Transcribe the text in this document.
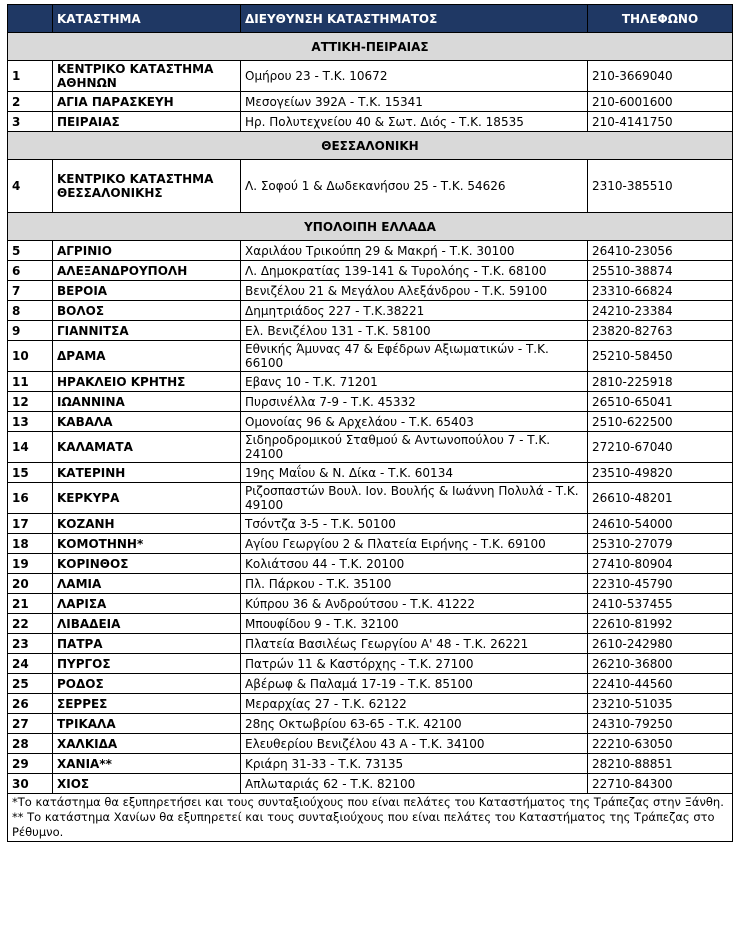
	ΚΑΤΑΣΤΗΜΑ	ΔΙΕΥΘΥΝΣΗ ΚΑΤΑΣΤΗΜΑΤΟΣ	ΤΗΛΕΦΩΝΟ
ΑΤΤΙΚΗ-ΠΕΙΡΑΙΑΣ			
1	ΚΕΝΤΡΙΚΟ ΚΑΤΑΣΤΗΜΑ ΑΘΗΝΩΝ	Ομήρου 23 - Τ.Κ. 10672	210-3669040
2	ΑΓΙΑ ΠΑΡΑΣΚΕΥΗ	Μεσογείων 392Α - Τ.Κ. 15341	210-6001600
3	ΠΕΙΡΑΙΑΣ	Ηρ. Πολυτεχνείου 40 & Σωτ. Διός - Τ.Κ. 18535	210-4141750
ΘΕΣΣΑΛΟΝΙΚΗ			
4	ΚΕΝΤΡΙΚΟ ΚΑΤΑΣΤΗΜΑ ΘΕΣΣΑΛΟΝΙΚΗΣ	Λ. Σοφού 1 & Δωδεκανήσου 25 - Τ.Κ. 54626	2310-385510
ΥΠΟΛΟΙΠΗ ΕΛΛΑΔΑ			
5	ΑΓΡΙΝΙΟ	Χαριλάου Τρικούπη 29 & Μακρή - Τ.Κ. 30100	26410-23056
6	ΑΛΕΞΑΝΔΡΟΥΠΟΛΗ	Λ. Δημοκρατίας 139-141 & Τυρολόης - Τ.Κ. 68100	25510-38874
7	ΒΕΡΟΙΑ	Βενιζέλου 21 & Μεγάλου Αλεξάνδρου - Τ.Κ. 59100	23310-66824
8	ΒΟΛΟΣ	Δημητριάδος 227 - Τ.Κ.38221	24210-23384
9	ΓΙΑΝΝΙΤΣΑ	Ελ. Βενιζέλου 131 - Τ.Κ. 58100	23820-82763
10	ΔΡΑΜΑ	Εθνικής Άμυνας 47 & Εφέδρων Αξιωματικών - Τ.Κ. 66100	25210-58450
11	ΗΡΑΚΛΕΙΟ ΚΡΗΤΗΣ	Εβανς 10 - Τ.Κ. 71201	2810-225918
12	ΙΩΑΝΝΙΝΑ	Πυρσινέλλα 7-9 - Τ.Κ. 45332	26510-65041
13	ΚΑΒΑΛΑ	Ομονοίας 96 & Αρχελάου - Τ.Κ. 65403	2510-622500
14	ΚΑΛΑΜΑΤΑ	Σιδηροδρομικού Σταθμού & Αντωνοπούλου 7 - Τ.Κ. 24100	27210-67040
15	ΚΑΤΕΡΙΝΗ	19ης Μαΐου & Ν. Δίκα - Τ.Κ. 60134	23510-49820
16	ΚΕΡΚΥΡΑ	Ριζοσπαστών Βουλ. Ιον. Βουλής & Ιωάννη Πολυλά - Τ.Κ. 49100	26610-48201
17	ΚΟΖΑΝΗ	Τσόντζα 3-5 - Τ.Κ. 50100	24610-54000
18	ΚΟΜΟΤΗΝΗ*	Αγίου Γεωργίου 2 & Πλατεία Ειρήνης - Τ.Κ. 69100	25310-27079
19	ΚΟΡΙΝΘΟΣ	Κολιάτσου 44 - Τ.Κ. 20100	27410-80904
20	ΛΑΜΙΑ	Πλ. Πάρκου - Τ.Κ. 35100	22310-45790
21	ΛΑΡΙΣΑ	Κύπρου 36 & Ανδρούτσου - Τ.Κ. 41222	2410-537455
22	ΛΙΒΑΔΕΙΑ	Μπουφίδου 9 - Τ.Κ. 32100	22610-81992
23	ΠΑΤΡΑ	Πλατεία Βασιλέως Γεωργίου Α' 48 - Τ.Κ. 26221	2610-242980
24	ΠΥΡΓΟΣ	Πατρών 11 & Καστόρχης - Τ.Κ. 27100	26210-36800
25	ΡΟΔΟΣ	Αβέρωφ & Παλαμά 17-19 - Τ.Κ. 85100	22410-44560
26	ΣΕΡΡΕΣ	Μεραρχίας 27 - Τ.Κ. 62122	23210-51035
27	ΤΡΙΚΑΛΑ	28ης Οκτωβρίου 63-65 - Τ.Κ. 42100	24310-79250
28	ΧΑΛΚΙΔΑ	Ελευθερίου Βενιζέλου 43 Α - Τ.Κ. 34100	22210-63050
29	ΧΑΝΙΑ**	Κριάρη 31-33 - Τ.Κ. 73135	28210-88851
30	ΧΙΟΣ	Απλωταριάς 62 - Τ.Κ. 82100	22710-84300

*Το κατάστημα θα εξυπηρετήσει και τους συνταξιούχους που είναι πελάτες του Καταστήματος της Τράπεζας στην Ξάνθη.
** Το κατάστημα Χανίων θα εξυπηρετεί και τους συνταξιούχους που είναι πελάτες του Καταστήματος της Τράπεζας στο Ρέθυμνο.			
